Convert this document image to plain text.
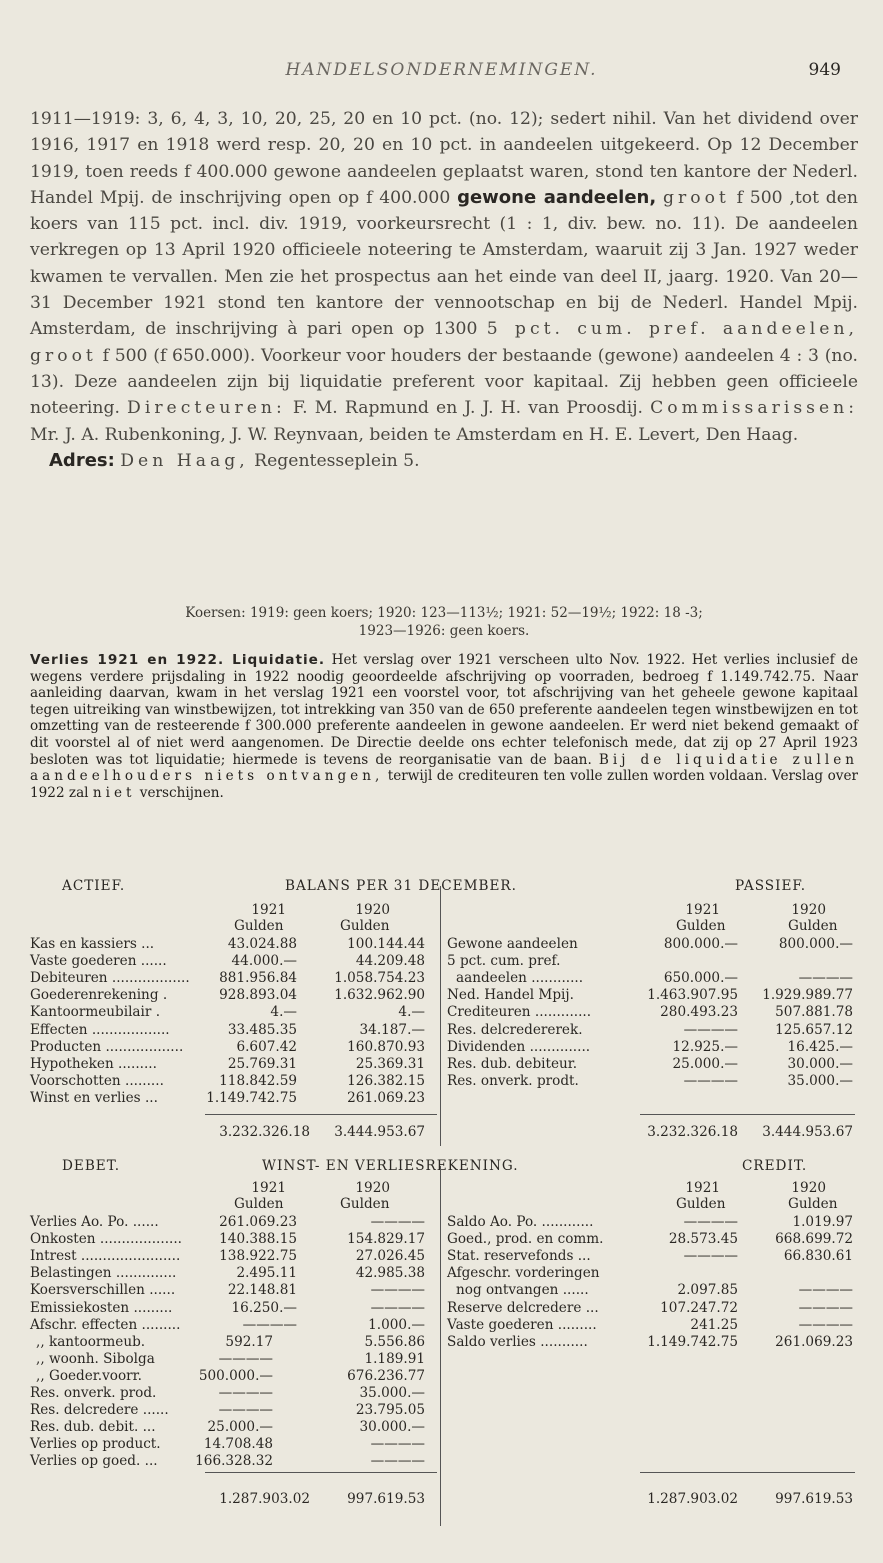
HANDELSONDERNEMINGEN.	949

1911—1919: 3, 6, 4, 3, 10, 20, 25, 20 en 10 pct. (no. 12); sedert nihil. Van het dividend over 1916, 1917 en 1918 werd resp. 20, 20 en 10 pct. in aandeelen uitgekeerd. Op 12 December 1919, toen reeds f 400.000 gewone aandeelen geplaatst waren, stond ten kantore der Nederl. Handel Mpij. de inschrijving open op f 400.000 gewone aandeelen, groot f 500 ,tot den koers van 115 pct. incl. div. 1919, voorkeursrecht (1 : 1, div. bew. no. 11). De aandeelen verkregen op 13 April 1920 officieele noteering te Amsterdam, waaruit zij 3 Jan. 1927 weder kwamen te vervallen. Men zie het prospectus aan het einde van deel II, jaarg. 1920. Van 20—31 December 1921 stond ten kantore der vennootschap en bij de Nederl. Handel Mpij. Amsterdam, de inschrijving à pari open op 1300 5 pct. cum. pref. aandeelen, groot f 500 (f 650.000). Voorkeur voor houders der bestaande (gewone) aandeelen 4 : 3 (no. 13). Deze aandeelen zijn bij liquidatie preferent voor kapitaal. Zij hebben geen officieele noteering. Directeuren: F. M. Rapmund en J. J. H. van Proosdij. Commissarissen: Mr. J. A. Rubenkoning, J. W. Reynvaan, beiden te Amsterdam en H. E. Levert, Den Haag.

Adres: Den Haag, Regentesseplein 5.

Koersen: 1919: geen koers; 1920: 123—113½; 1921: 52—19½; 1922: 18 -3;
1923—1926: geen koers.

Verlies 1921 en 1922. Liquidatie. Het verslag over 1921 verscheen ulto Nov. 1922. Het verlies inclusief de wegens verdere prijsdaling in 1922 noodig geoordeelde afschrijving op voorraden, bedroeg f 1.149.742.75. Naar aanleiding daarvan, kwam in het verslag 1921 een voorstel voor, tot afschrijving van het geheele gewone kapitaal tegen uitreiking van winstbewijzen, tot intrekking van 350 van de 650 preferente aandeelen tegen winstbewijzen en tot omzetting van de resteerende f 300.000 preferente aandeelen in gewone aandeelen. Er werd niet bekend gemaakt of dit voorstel al of niet werd aangenomen. De Directie deelde ons echter telefonisch mede, dat zij op 27 April 1923 besloten was tot liquidatie; hiermede is tevens de reorganisatie van de baan. Bij de liquidatie zullen aandeelhouders niets ontvangen, terwijl de crediteuren ten volle zullen worden voldaan. Verslag over 1922 zal niet verschijnen.

ACTIEF.	BALANS PER 31 DECEMBER.	PASSIEF.
1921	1920
Gulden	Gulden
1921	1920
Gulden	Gulden
Kas en kassiers ...	43.024.88	100.144.44
Vaste goederen ......	44.000.—	44.209.48
Debiteuren ..................	881.956.84	1.058.754.23
Goederenrekening .	928.893.04	1.632.962.90
Kantoormeubilair .	4.—	4.—
Effecten ..................	33.485.35	34.187.—
Producten ..................	6.607.42	160.870.93
Hypotheken .........	25.769.31	25.369.31
Voorschotten .........	118.842.59	126.382.15
Winst en verlies ...	1.149.742.75	261.069.23
Gewone aandeelen	800.000.—	800.000.—
5 pct. cum. pref.
aandeelen ............	650.000.—	————
Ned. Handel Mpij.	1.463.907.95	1.929.989.77
Crediteuren .............	280.493.23	507.881.78
Res. delcredererek.	————	125.657.12
Dividenden ..............	12.925.—	16.425.—
Res. dub. debiteur.	25.000.—	30.000.—
Res. onverk. prodt.	————	35.000.—
3.232.326.18	3.444.953.67	3.232.326.18	3.444.953.67
DEBET.	WINST- EN VERLIESREKENING.	CREDIT.
1921	1920
Gulden	Gulden
1921	1920
Gulden	Gulden
Verlies Ao. Po. ......	261.069.23	————
Onkosten ...................	140.388.15	154.829.17
Intrest .......................	138.922.75	27.026.45
Belastingen ..............	2.495.11	42.985.38
Koersverschillen ......	22.148.81	————
Emissiekosten .........	16.250.—	————
Afschr. effecten .........	————	1.000.—
,, kantoormeub.	592.17	5.556.86
,, woonh. Sibolga	————	1.189.91
,, Goeder.voorr.	500.000.—	676.236.77
Res. onverk. prod.	————	35.000.—
Res. delcredere ......	————	23.795.05
Res. dub. debit. ...	25.000.—	30.000.—
Verlies op product.	14.708.48	————
Verlies op goed. ...	166.328.32	————
Saldo Ao. Po. ............	————	1.019.97
Goed., prod. en comm.	28.573.45	668.699.72
Stat. reservefonds ...	————	66.830.61
Afgeschr. vorderingen
nog ontvangen ......	2.097.85	————
Reserve delcredere ...	107.247.72	————
Vaste goederen .........	241.25	————
Saldo verlies ...........	1.149.742.75	261.069.23
1.287.903.02	997.619.53	1.287.903.02	997.619.53
